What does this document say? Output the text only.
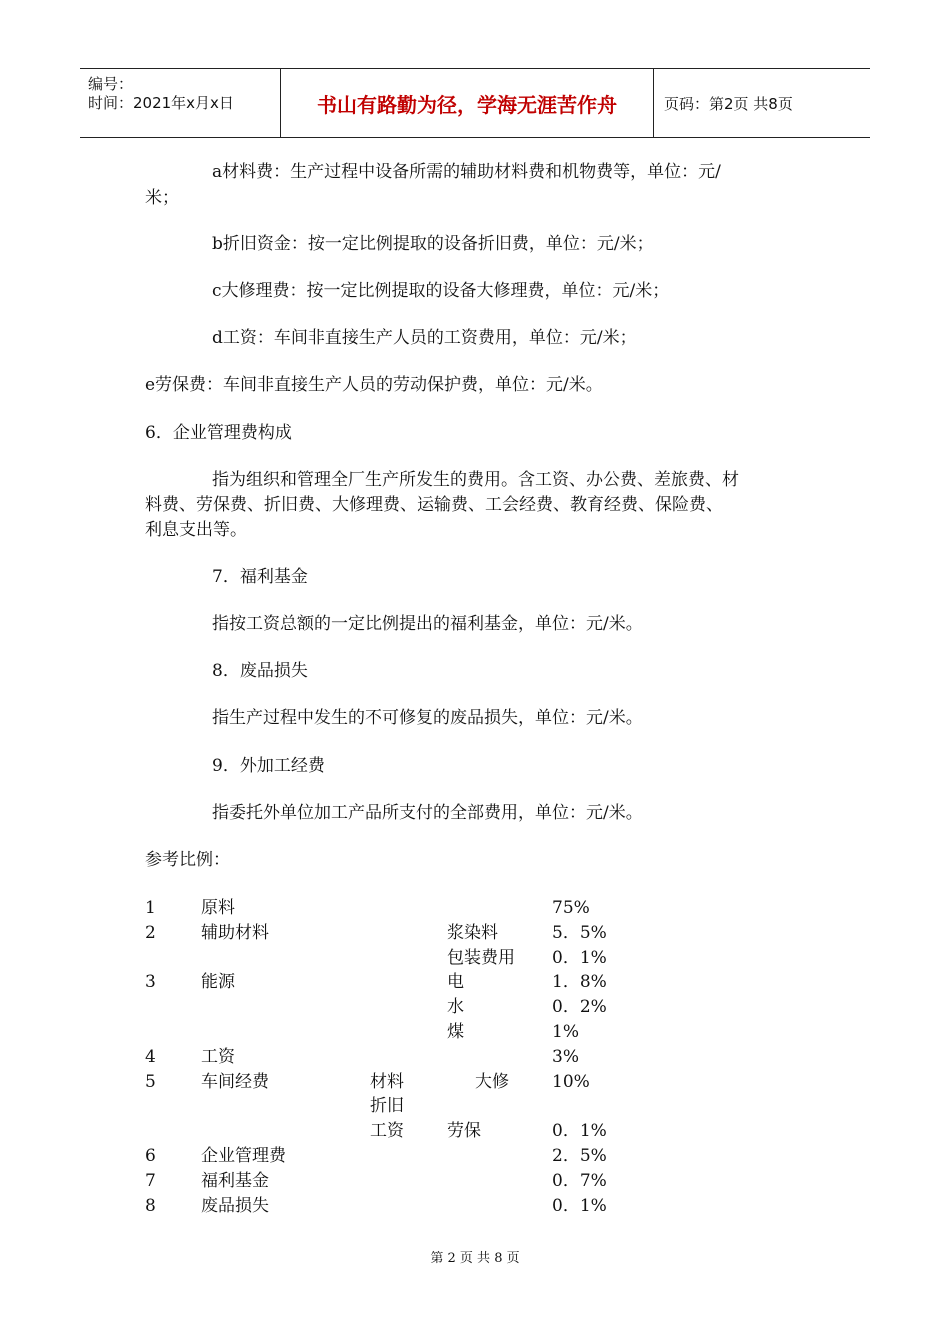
编号：
时间：2021年x月x日	书山有路勤为径，学海无涯苦作舟	页码：第2页 共8页
a材料费：生产过程中设备所需的辅助材料费和机物费等，单位：元/
米；
b折旧资金：按一定比例提取的设备折旧费，单位：元/米；
c大修理费：按一定比例提取的设备大修理费，单位：元/米；
d工资：车间非直接生产人员的工资费用，单位：元/米；
e劳保费：车间非直接生产人员的劳动保护费，单位：元/米。
6．企业管理费构成
指为组织和管理全厂生产所发生的费用。含工资、办公费、差旅费、材
料费、劳保费、折旧费、大修理费、运输费、工会经费、教育经费、保险费、
利息支出等。
7．福利基金
指按工资总额的一定比例提出的福利基金，单位：元/米。
8．废品损失
指生产过程中发生的不可修复的废品损失，单位：元/米。
9．外加工经费
指委托外单位加工产品所支付的全部费用，单位：元/米。
参考比例：
1	原料	75%
2	辅助材料	浆染料	5．5%
包装费用 0．1%
3	能源	电	1．8%
水	0．2%
煤	1%
4	工资	3%
5	车间经费	材料	大修	10%
折旧
工资	劳保	0．1%
6	企业管理费	2．5%
7	福利基金	0．7%
8	废品损失	0．1%
第 2 页 共 8 页
